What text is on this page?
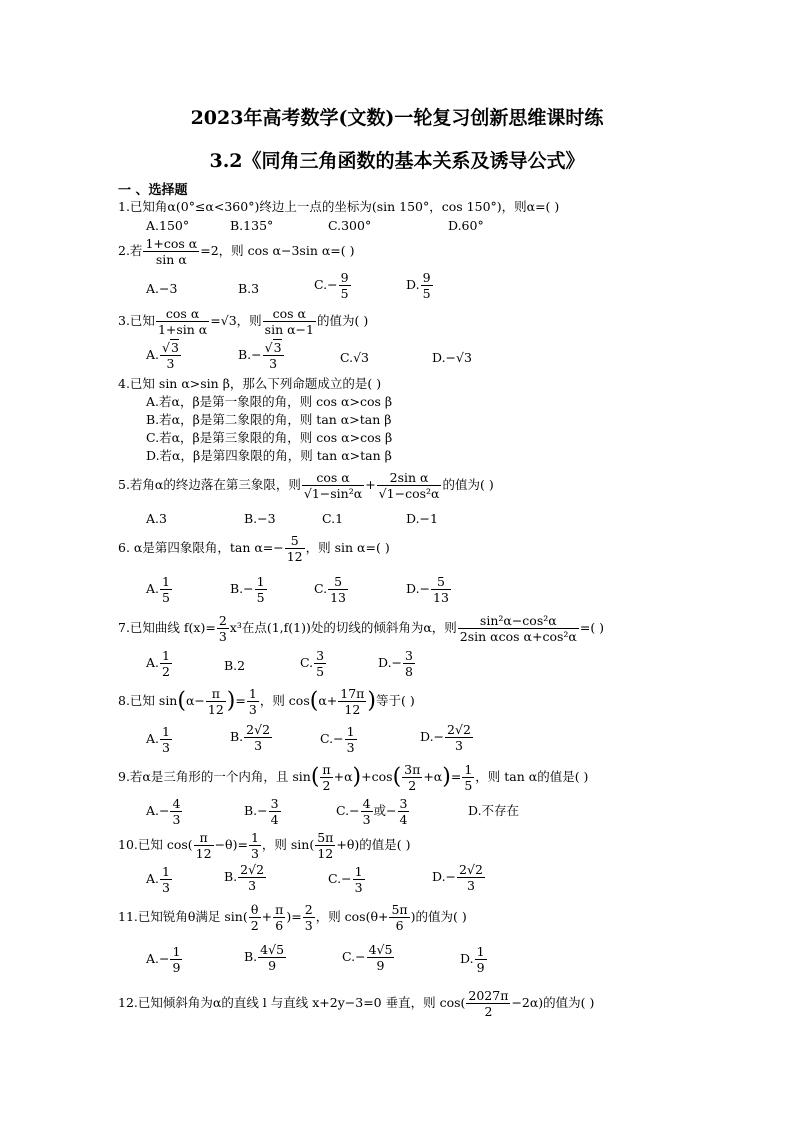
2023年高考数学(文数)一轮复习创新思维课时练
3.2《同角三角函数的基本关系及诱导公式》
一 、选择题
1.已知角α(0°≤α<360°)终边上一点的坐标为(sin 150°，cos 150°)，则α=( )
A.150°	B.135°	C.300°	D.60°
2.若 $\frac{\text{1+cos α}}{\text{sin α}} =2$，则 cos α−3sin α=( )
A.−3	B.3	$C.- \frac{9}{5}$	D. $\frac{9}{5}$
3.已知 $\frac{\text{cos α}}{\text{1+sin α}} =√3$，则 $\frac{\text{cos α}}{\text{sin α−1}}$ 的值为( )
A. $\frac{√3}{3}$	$B.- \frac{√3}{3}$	C.√3	D.−√3
4.已知 sin α>sin β，那么下列命题成立的是( )
A.若α，β是第一象限的角，则 cos α>cos β
B.若α，β是第二象限的角，则 tan α>tan β
C.若α，β是第三象限的角，则 cos α>cos β
D.若α，β是第四象限的角，则 tan α>tan β
5.若角α的终边落在第三象限，则 $\frac{\text{cos α}}{\text{√1−sin²α}} + \frac{\text{2sin α}}{\text{√1−cos²α}}$ 的值为( )
A.3	B.−3	C.1	D.−1
6. α是第四象限角，$\tan \alpha=- \frac{5}{12}$ ，则 sin α=( )
A. $\frac{1}{5}$	$B.- \frac{1}{5}$	C. $\frac{5}{13}$	$D.- \frac{5}{13}$
7.已知曲线 $f(x)= \frac{2}{3} x^3$在点(1,f(1))处的切线的倾斜角为α，则 $\frac{\text{sin²α−cos²α}}{\text{2sin αcos α+cos²α}}$ =( )
A. $\frac{1}{2}$	B.2	C. $\frac{3}{5}$	$D.- \frac{3}{8}$
8.已知 $\sin(\alpha- \frac{\pi}{12}$ )= $\frac{1}{3}$ ，则 $\cos(\alpha+ \frac{17\pi}{12}$ )等于( )
A. $\frac{1}{3}$	B. $\frac{2√2}{3}$	$C.- \frac{1}{3}$	$D.- \frac{2√2}{3}$
9.若α是三角形的一个内角，且 $\sin( \frac{\pi}{2} +\alpha)+\cos( \frac{3\pi}{2} +\alpha)= \frac{1}{5}$ ，则 tan α的值是( )
$A.- \frac{4}{3}$	$B.- \frac{3}{4}$	$C.- \frac{4}{3}$ 或− $\frac{3}{4}$	D.不存在
10.已知 $\cos( \frac{\pi}{12} -\theta)= \frac{1}{3}$ ，则 $\sin( \frac{5\pi}{12} +\theta)$的值是( )
A. $\frac{1}{3}$	B. $\frac{2√2}{3}$	$C.- \frac{1}{3}$	$D.- \frac{2√2}{3}$
11.已知锐角θ满足 $\sin( \frac{\theta}{2} + \frac{\pi}{6}$ )= $\frac{2}{3}$ ，则 $\cos(\theta+ \frac{5\pi}{6}$ )的值为( )
$A.- \frac{1}{9}$	B. $\frac{4√5}{9}$	$C.- \frac{4√5}{9}$	D. $\frac{1}{9}$
12.已知倾斜角为α的直线 l 与直线 x+2y−3=0 垂直，则 $\cos( \frac{2027\pi}{2} -2\alpha)$的值为( )
